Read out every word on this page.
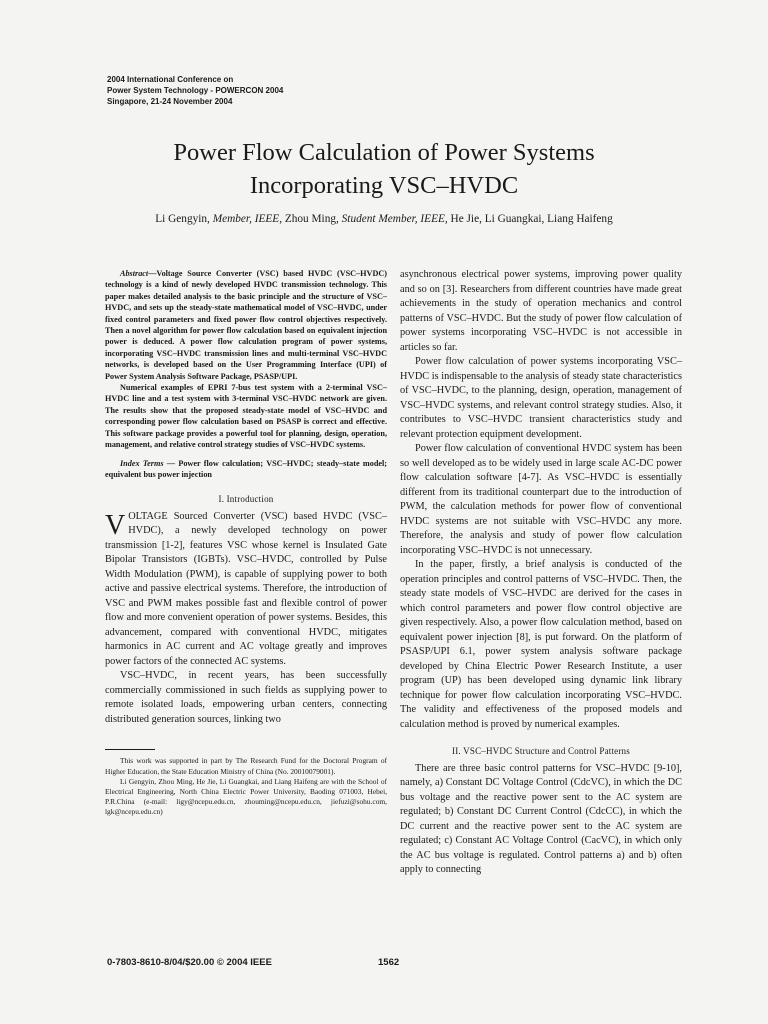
2004 International Conference on
Power System Technology - POWERCON 2004
Singapore, 21-24 November 2004
Power Flow Calculation of Power Systems
Incorporating VSC–HVDC
Li Gengyin, Member, IEEE, Zhou Ming, Student Member, IEEE, He Jie, Li Guangkai, Liang Haifeng

Abstract—Voltage Source Converter (VSC) based HVDC (VSC–HVDC) technology is a kind of newly developed HVDC transmission technology. This paper makes detailed analysis to the basic principle and the structure of VSC–HVDC, and sets up the steady-state mathematical model of VSC–HVDC, under fixed control parameters and fixed power flow control objectives respectively. Then a novel algorithm for power flow calculation based on equivalent injection power is deduced. A power flow calculation program of power systems, incorporating VSC–HVDC transmission lines and multi-terminal VSC–HVDC networks, is developed based on the User Programming Interface (UPI) of Power System Analysis Software Package, PSASP/UPI.

Numerical examples of EPRI 7-bus test system with a 2-terminal VSC–HVDC line and a test system with 3-terminal VSC–HVDC network are given. The results show that the proposed steady-state model of VSC–HVDC and corresponding power flow calculation based on PSASP is correct and effective. This software package provides a powerful tool for planning, design, operation, management, and relative control strategy studies of VSC–HVDC systems.

Index Terms — Power flow calculation; VSC–HVDC; steady–state model; equivalent bus power injection

I. Introduction

VOLTAGE Sourced Converter (VSC) based HVDC (VSC–HVDC), a newly developed technology on power transmission [1-2], features VSC whose kernel is Insulated Gate Bipolar Transistors (IGBTs). VSC–HVDC, controlled by Pulse Width Modulation (PWM), is capable of supplying power to both active and passive electrical systems. Therefore, the introduction of VSC and PWM makes possible fast and flexible control of power flow and more convenient operation of power systems. Besides, this advancement, compared with conventional HVDC, mitigates harmonics in AC current and AC voltage greatly and improves power factors of the connected AC systems.

VSC–HVDC, in recent years, has been successfully commercially commissioned in such fields as supplying power to remote isolated loads, empowering urban centers, connecting distributed generation sources, linking two

This work was supported in part by The Research Fund for the Doctoral Program of Higher Education, the State Education Ministry of China (No. 20010079001).

Li Gengyin, Zhou Ming, He Jie, Li Guangkai, and Liang Haifeng are with the School of Electrical Engineering, North China Electric Power University, Baoding 071003, Hebei, P.R.China (e-mail: ligy@ncepu.edu.cn, zhouming@ncepu.edu.cn, jiefuzi@sohu.com, lgk@ncepu.edu.cn)

asynchronous electrical power systems, improving power quality and so on [3]. Researchers from different countries have made great achievements in the study of operation mechanics and control patterns of VSC–HVDC. But the study of power flow calculation of power systems incorporating VSC–HVDC is not accessible in articles so far.

Power flow calculation of power systems incorporating VSC–HVDC is indispensable to the analysis of steady state characteristics of VSC–HVDC, to the planning, design, operation, management of VSC–HVDC systems, and relevant control strategy studies. Also, it contributes to VSC–HVDC transient characteristics study and relevant protection equipment development.

Power flow calculation of conventional HVDC system has been so well developed as to be widely used in large scale AC-DC power flow calculation software [4-7]. As VSC–HVDC is essentially different from its traditional counterpart due to the introduction of PWM, the calculation methods for power flow of conventional HVDC systems are not suitable with VSC–HVDC any more. Therefore, the analysis and study of power flow calculation incorporating VSC–HVDC is not unnecessary.

In the paper, firstly, a brief analysis is conducted of the operation principles and control patterns of VSC–HVDC. Then, the steady state models of VSC–HVDC are derived for the cases in which control parameters and power flow control objective are given respectively. Also, a power flow calculation method, based on equivalent power injection [8], is put forward. On the platform of PSASP/UPI 6.1, power system analysis software package developed by China Electric Power Research Institute, a user program (UP) has been developed using dynamic link library technique for power flow calculation incorporating VSC–HVDC. The validity and effectiveness of the proposed models and calculation method is proved by numerical examples.

II. VSC–HVDC Structure and Control Patterns

There are three basic control patterns for VSC–HVDC [9-10], namely, a) Constant DC Voltage Control (CdcVC), in which the DC bus voltage and the reactive power sent to the AC system are regulated; b) Constant DC Current Control (CdcCC), in which the DC current and the reactive power sent to the AC system are regulated; c) Constant AC Voltage Control (CacVC), in which only the AC bus voltage is regulated. Control patterns a) and b) often apply to connecting

0-7803-8610-8/04/$20.00 © 2004 IEEE	1562
